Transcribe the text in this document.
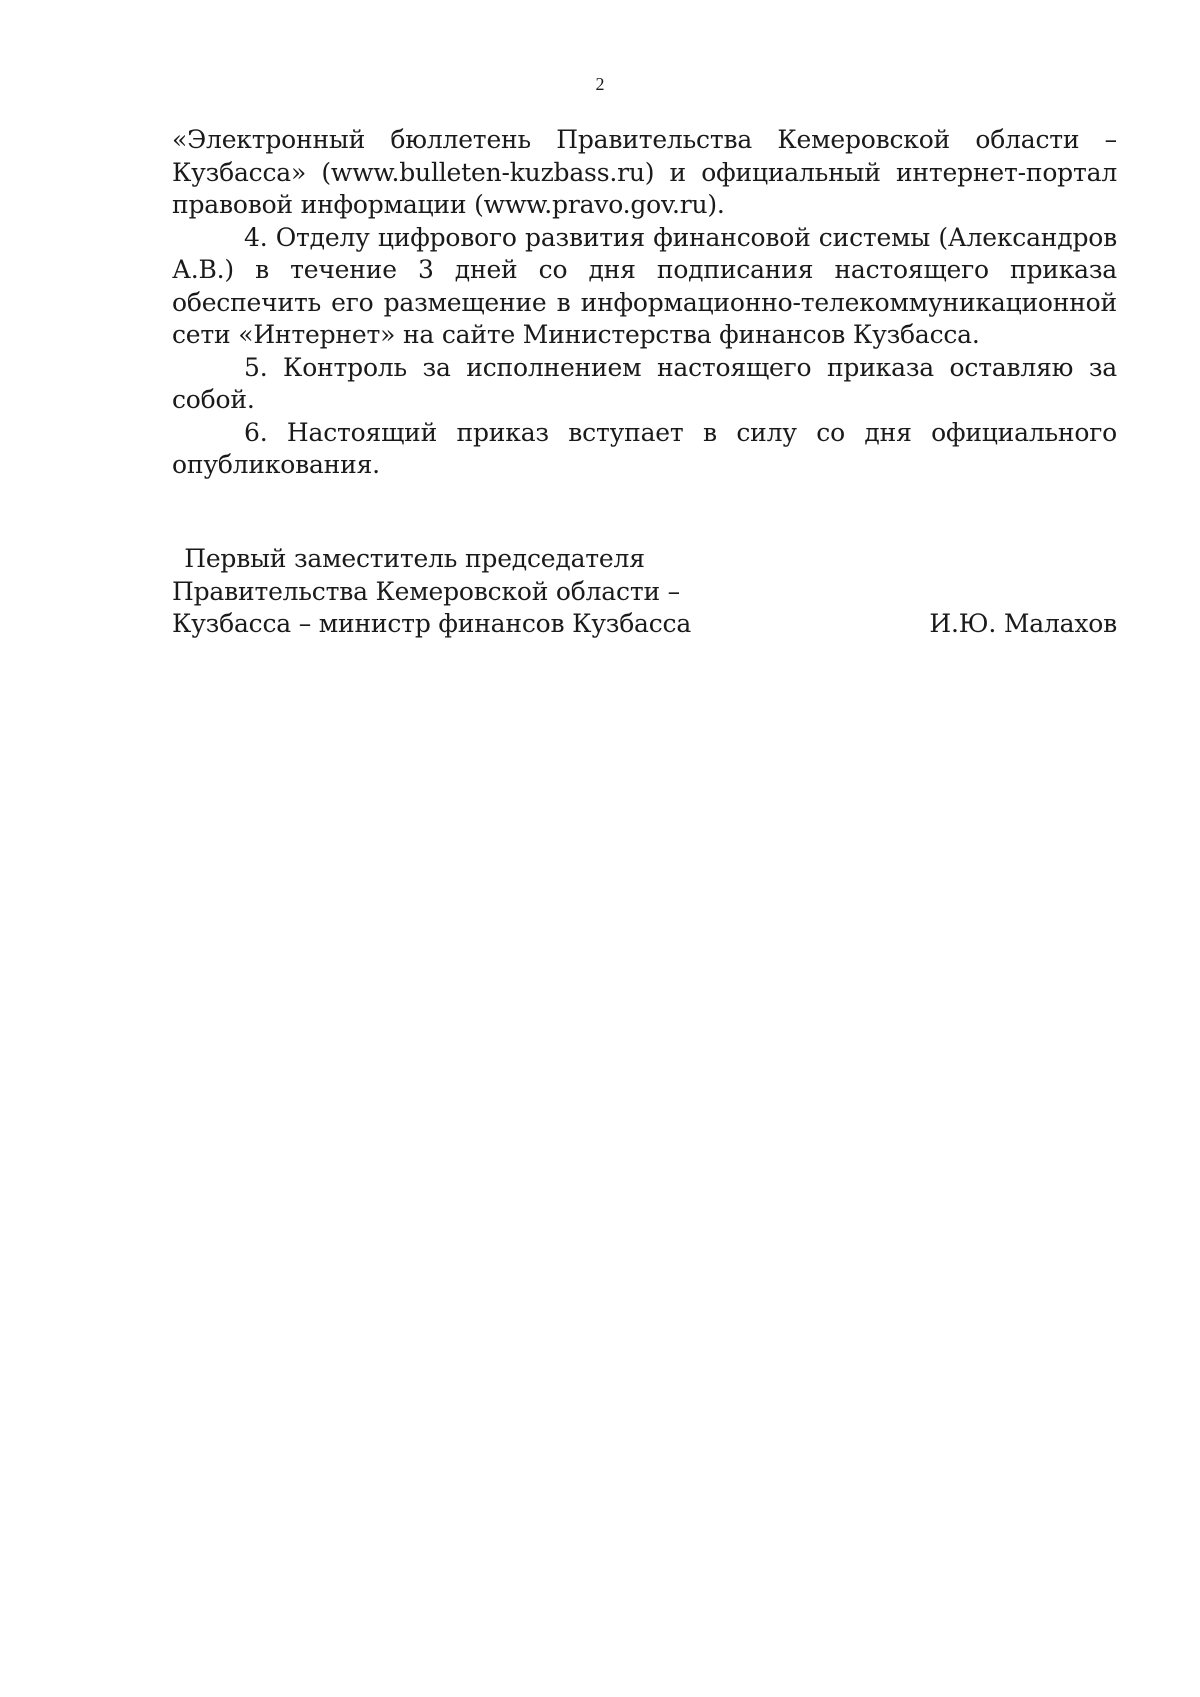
2

«Электронный бюллетень Правительства Кемеровской области – Кузбасса» (www.bulleten-kuzbass.ru) и официальный интернет-портал правовой информации (www.pravo.gov.ru).

4. Отделу цифрового развития финансовой системы (Александров А.В.) в течение 3 дней со дня подписания настоящего приказа обеспечить его размещение в информационно-телекоммуникационной сети «Интернет» на сайте Министерства финансов Кузбасса.

5. Контроль за исполнением настоящего приказа оставляю за собой.

6. Настоящий приказ вступает в силу со дня официального опубликования.

Первый заместитель председателя
Правительства Кемеровской области –
Кузбасса – министр финансов Кузбасса	И.Ю. Малахов
